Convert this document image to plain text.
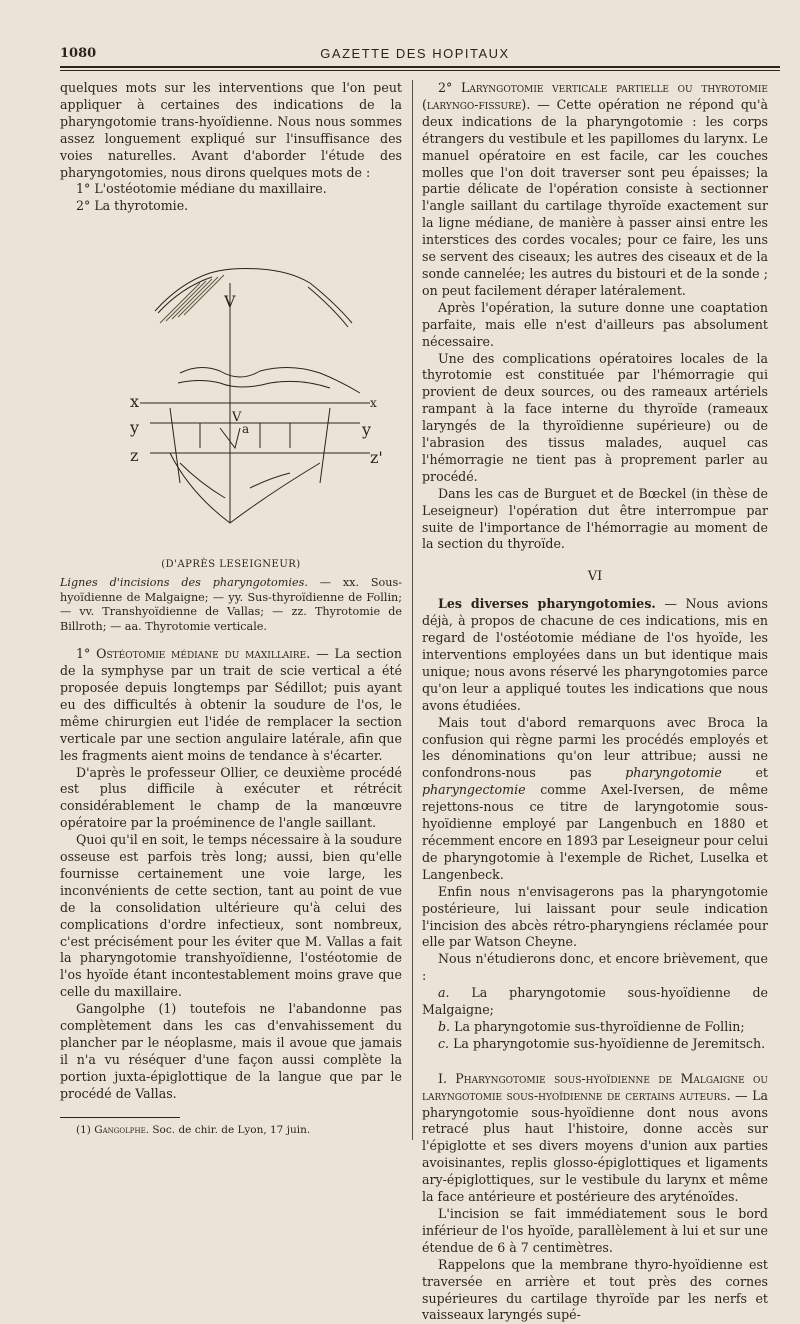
1080	GAZETTE DES HOPITAUX

quelques mots sur les interventions que l'on peut appliquer à certaines des indications de la pharyngotomie trans-hyoïdienne. Nous nous sommes assez longuement expliqué sur l'insuffisance des voies naturelles. Avant d'aborder l'étude des pharyngotomies, nous dirons quelques mots de :

1° L'ostéotomie médiane du maxillaire.

2° La thyrotomie.

V
x	x
y	y
z	z'
V
a
(D'APRÈS LESEIGNEUR)
Lignes d'incisions des pharyngotomies. — xx. Sous-hyoïdienne de Malgaigne; — yy. Sus-thyroïdienne de Follin; — vv. Transhyoïdienne de Vallas; — zz. Thyrotomie de Billroth; — aa. Thyrotomie verticale.

1° Ostéotomie médiane du maxillaire. — La section de la symphyse par un trait de scie vertical a été proposée depuis longtemps par Sédillot; puis ayant eu des difficultés à obtenir la soudure de l'os, le même chirurgien eut l'idée de remplacer la section verticale par une section angulaire latérale, afin que les fragments aient moins de tendance à s'écarter.

D'après le professeur Ollier, ce deuxième procédé est plus difficile à exécuter et rétrécit considérablement le champ de la manœuvre opératoire par la proéminence de l'angle saillant.

Quoi qu'il en soit, le temps nécessaire à la soudure osseuse est parfois très long; aussi, bien qu'elle fournisse certainement une voie large, les inconvénients de cette section, tant au point de vue de la consolidation ultérieure qu'à celui des complications d'ordre infectieux, sont nombreux, c'est précisément pour les éviter que M. Vallas a fait la pharyngotomie transhyoïdienne, l'ostéotomie de l'os hyoïde étant incontestablement moins grave que celle du maxillaire.

Gangolphe (1) toutefois ne l'abandonne pas complètement dans les cas d'envahissement du plancher par le néoplasme, mais il avoue que jamais il n'a vu réséquer d'une façon aussi complète la portion juxta-épiglottique de la langue que par le procédé de Vallas.

(1) Gangolphe. Soc. de chir. de Lyon, 17 juin.

2° Laryngotomie verticale partielle ou thyrotomie (laryngo-fissure). — Cette opération ne répond qu'à deux indications de la pharyngotomie : les corps étrangers du vestibule et les papillomes du larynx. Le manuel opératoire en est facile, car les couches molles que l'on doit traverser sont peu épaisses; la partie délicate de l'opération consiste à sectionner l'angle saillant du cartilage thyroïde exactement sur la ligne médiane, de manière à passer ainsi entre les interstices des cordes vocales; pour ce faire, les uns se servent des ciseaux; les autres des ciseaux et de la sonde cannelée; les autres du bistouri et de la sonde ; on peut facilement déraper latéralement.

Après l'opération, la suture donne une coaptation parfaite, mais elle n'est d'ailleurs pas absolument nécessaire.

Une des complications opératoires locales de la thyrotomie est constituée par l'hémorragie qui provient de deux sources, ou des rameaux artériels rampant à la face interne du thyroïde (rameaux laryngés de la thyroïdienne supérieure) ou de l'abrasion des tissus malades, auquel cas l'hémorragie ne tient pas à proprement parler au procédé.

Dans les cas de Burguet et de Bœckel (in thèse de Leseigneur) l'opération dut être interrompue par suite de l'importance de l'hémorragie au moment de la section du thyroïde.

VI

Les diverses pharyngotomies. — Nous avions déjà, à propos de chacune de ces indications, mis en regard de l'ostéotomie médiane de l'os hyoïde, les interventions employées dans un but identique mais unique; nous avons réservé les pharyngotomies parce qu'on leur a appliqué toutes les indications que nous avons étudiées.

Mais tout d'abord remarquons avec Broca la confusion qui règne parmi les procédés employés et les dénominations qu'on leur attribue; aussi ne confondrons-nous pas pharyngotomie et pharyngectomie comme Axel-Iversen, de même rejettons-nous ce titre de laryngotomie sous-hyoïdienne employé par Langenbuch en 1880 et récemment encore en 1893 par Leseigneur pour celui de pharyngotomie à l'exemple de Richet, Luselka et Langenbeck.

Enfin nous n'envisagerons pas la pharyngotomie postérieure, lui laissant pour seule indication l'incision des abcès rétro-pharyngiens réclamée pour elle par Watson Cheyne.

Nous n'étudierons donc, et encore brièvement, que :

a. La pharyngotomie sous-hyoïdienne de Malgaigne;

b. La pharyngotomie sus-thyroïdienne de Follin;

c. La pharyngotomie sus-hyoïdienne de Jeremitsch.

I. Pharyngotomie sous-hyoïdienne de Malgaigne ou laryngotomie sous-hyoïdienne de certains auteurs. — La pharyngotomie sous-hyoïdienne dont nous avons retracé plus haut l'histoire, donne accès sur l'épiglotte et ses divers moyens d'union aux parties avoisinantes, replis glosso-épiglottiques et ligaments ary-épiglottiques, sur le vestibule du larynx et même la face antérieure et postérieure des aryténoïdes.

L'incision se fait immédiatement sous le bord inférieur de l'os hyoïde, parallèlement à lui et sur une étendue de 6 à 7 centimètres.

Rappelons que la membrane thyro-hyoïdienne est traversée en arrière et tout près des cornes supérieures du cartilage thyroïde par les nerfs et vaisseaux laryngés supé-
